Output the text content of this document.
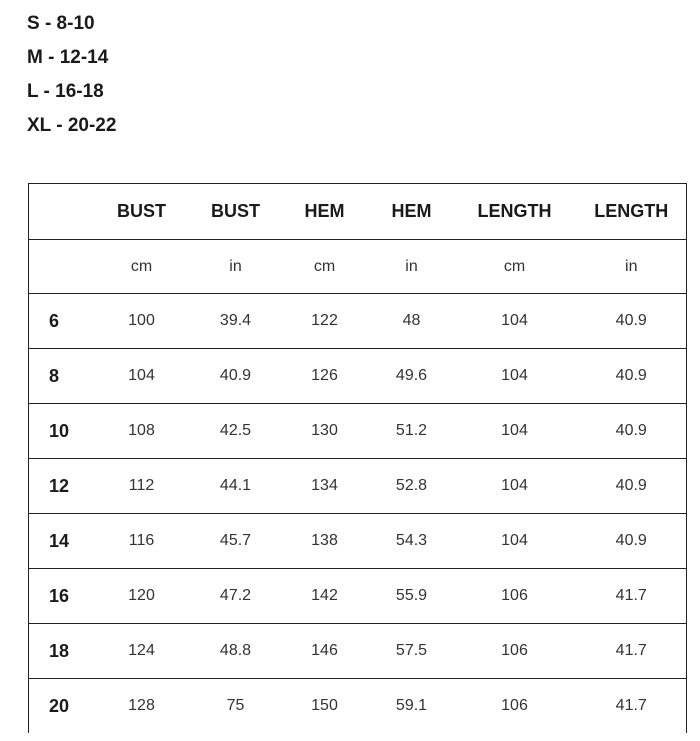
S - 8-10
M - 12-14
L - 16-18
XL - 20-22
	BUST	BUST	HEM	HEM	LENGTH	LENGTH
	cm	in	cm	in	cm	in
6	100	39.4	122	48	104	40.9
8	104	40.9	126	49.6	104	40.9
10	108	42.5	130	51.2	104	40.9
12	112	44.1	134	52.8	104	40.9
14	116	45.7	138	54.3	104	40.9
16	120	47.2	142	55.9	106	41.7
18	124	48.8	146	57.5	106	41.7
20	128	75	150	59.1	106	41.7
